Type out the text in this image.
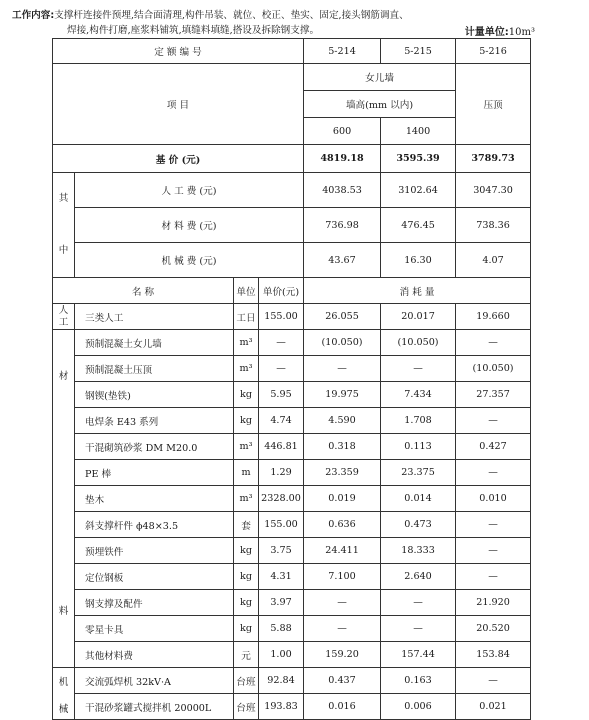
工作内容:支撑杆连接件预埋,结合面清理,构件吊装、就位、校正、垫实、固定,接头钢筋调直、
焊接,构件打磨,座浆料铺筑,填缝料填缝,搭设及拆除钢支撑。	计量单位:10m³
定 额 编 号				5-214	5-215	5-216
项 目				女儿墙		压顶
				墙高(mm 以内)		
				600	1400	
基 价 (元)				4819.18	3595.39	3789.73
其
中	人 工 费 (元)			4038.53	3102.64	3047.30
	材 料 费 (元)			736.98	476.45	738.36
	机 械 费 (元)			43.67	16.30	4.07
名 称		单位	单价(元)	消 耗 量		
人
工	三类人工	工日	155.00	26.055	20.017	19.660

材
料	预制混凝土女儿墙	m³	—	(10.050)	(10.050)	—
	预制混凝土压顶	m³	—	—	—	(10.050)
	钢锲(垫铁)	kg	5.95	19.975	7.434	27.357
	电焊条 E43 系列	kg	4.74	4.590	1.708	—
	干混砌筑砂浆 DM M20.0	m³	446.81	0.318	0.113	0.427
	PE 棒	m	1.29	23.359	23.375	—
	垫木	m³	2328.00	0.019	0.014	0.010
	斜支撑杆件 ϕ48×3.5	套	155.00	0.636	0.473	—
	预埋铁件	kg	3.75	24.411	18.333	—
	定位钢板	kg	4.31	7.100	2.640	—
	钢支撑及配件	kg	3.97	—	—	21.920
	零星卡具	kg	5.88	—	—	20.520
	其他材料费	元	1.00	159.20	157.44	153.84

机
械	交流弧焊机 32kV·A	台班	92.84	0.437	0.163	—
	干混砂浆罐式搅拌机 20000L	台班	193.83	0.016	0.006	0.021
